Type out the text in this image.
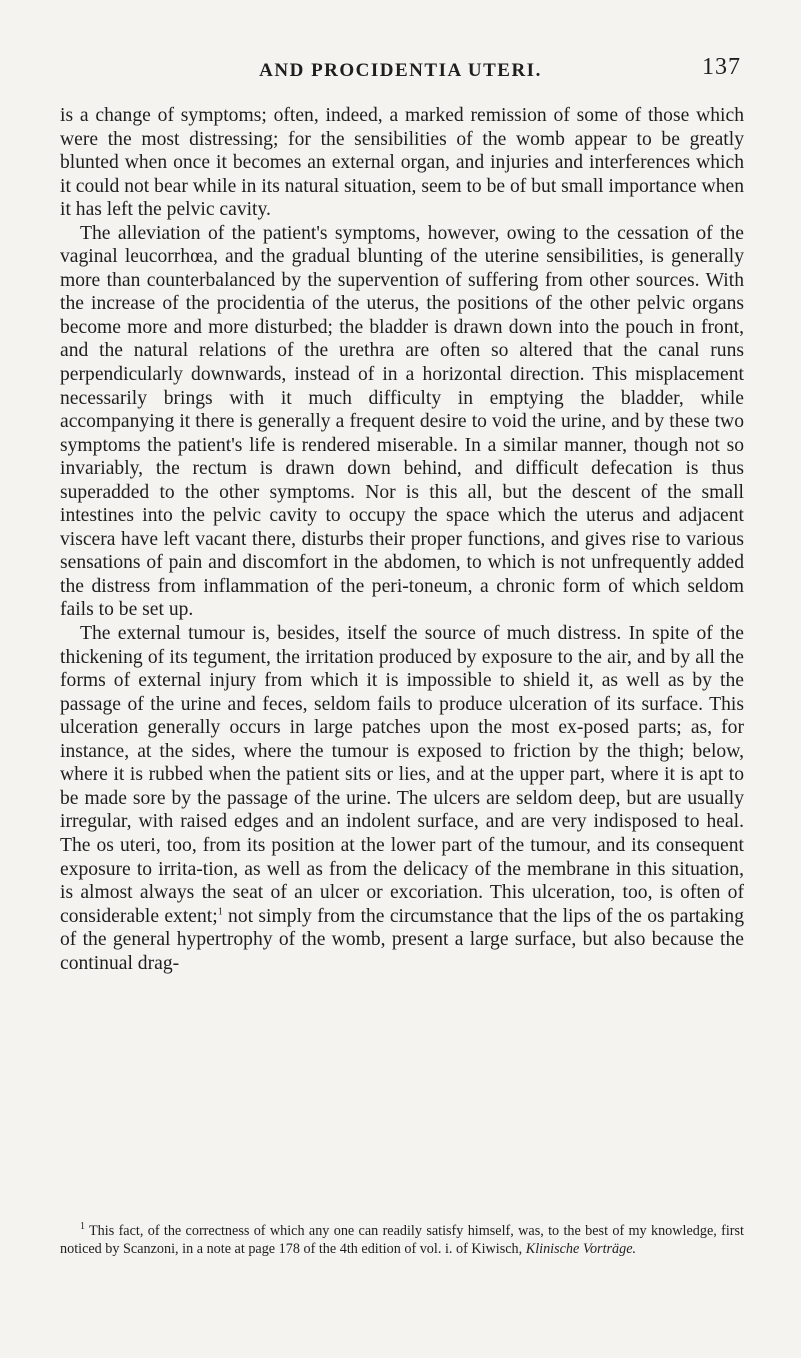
AND PROCIDENTIA UTERI.	137

is a change of symptoms; often, indeed, a marked remission of some of those which were the most distressing; for the sensibilities of the womb appear to be greatly blunted when once it becomes an external organ, and injuries and interferences which it could not bear while in its natural situation, seem to be of but small importance when it has left the pelvic cavity.

The alleviation of the patient's symptoms, however, owing to the cessation of the vaginal leucorrhœa, and the gradual blunting of the uterine sensibilities, is generally more than counterbalanced by the supervention of suffering from other sources. With the increase of the procidentia of the uterus, the positions of the other pelvic organs become more and more disturbed; the bladder is drawn down into the pouch in front, and the natural relations of the urethra are often so altered that the canal runs perpendicularly downwards, instead of in a horizontal direction. This misplacement necessarily brings with it much difficulty in emptying the bladder, while accompanying it there is generally a frequent desire to void the urine, and by these two symptoms the patient's life is rendered miserable. In a similar manner, though not so invariably, the rectum is drawn down behind, and difficult defecation is thus superadded to the other symptoms. Nor is this all, but the descent of the small intestines into the pelvic cavity to occupy the space which the uterus and adjacent viscera have left vacant there, disturbs their proper functions, and gives rise to various sensations of pain and discomfort in the abdomen, to which is not unfrequently added the distress from inflammation of the peri-toneum, a chronic form of which seldom fails to be set up.

The external tumour is, besides, itself the source of much distress. In spite of the thickening of its tegument, the irritation produced by exposure to the air, and by all the forms of external injury from which it is impossible to shield it, as well as by the passage of the urine and feces, seldom fails to produce ulceration of its surface. This ulceration generally occurs in large patches upon the most ex-posed parts; as, for instance, at the sides, where the tumour is exposed to friction by the thigh; below, where it is rubbed when the patient sits or lies, and at the upper part, where it is apt to be made sore by the passage of the urine. The ulcers are seldom deep, but are usually irregular, with raised edges and an indolent surface, and are very indisposed to heal. The os uteri, too, from its position at the lower part of the tumour, and its consequent exposure to irrita-tion, as well as from the delicacy of the membrane in this situation, is almost always the seat of an ulcer or excoriation. This ulceration, too, is often of considerable extent;$^1$ not simply from the circumstance that the lips of the os partaking of the general hypertrophy of the womb, present a large surface, but also because the continual drag-

$^1$ This fact, of the correctness of which any one can readily satisfy himself, was, to the best of my knowledge, first noticed by Scanzoni, in a note at page 178 of the 4th edition of vol. i. of Kiwisch, Klinische Vorträge.
